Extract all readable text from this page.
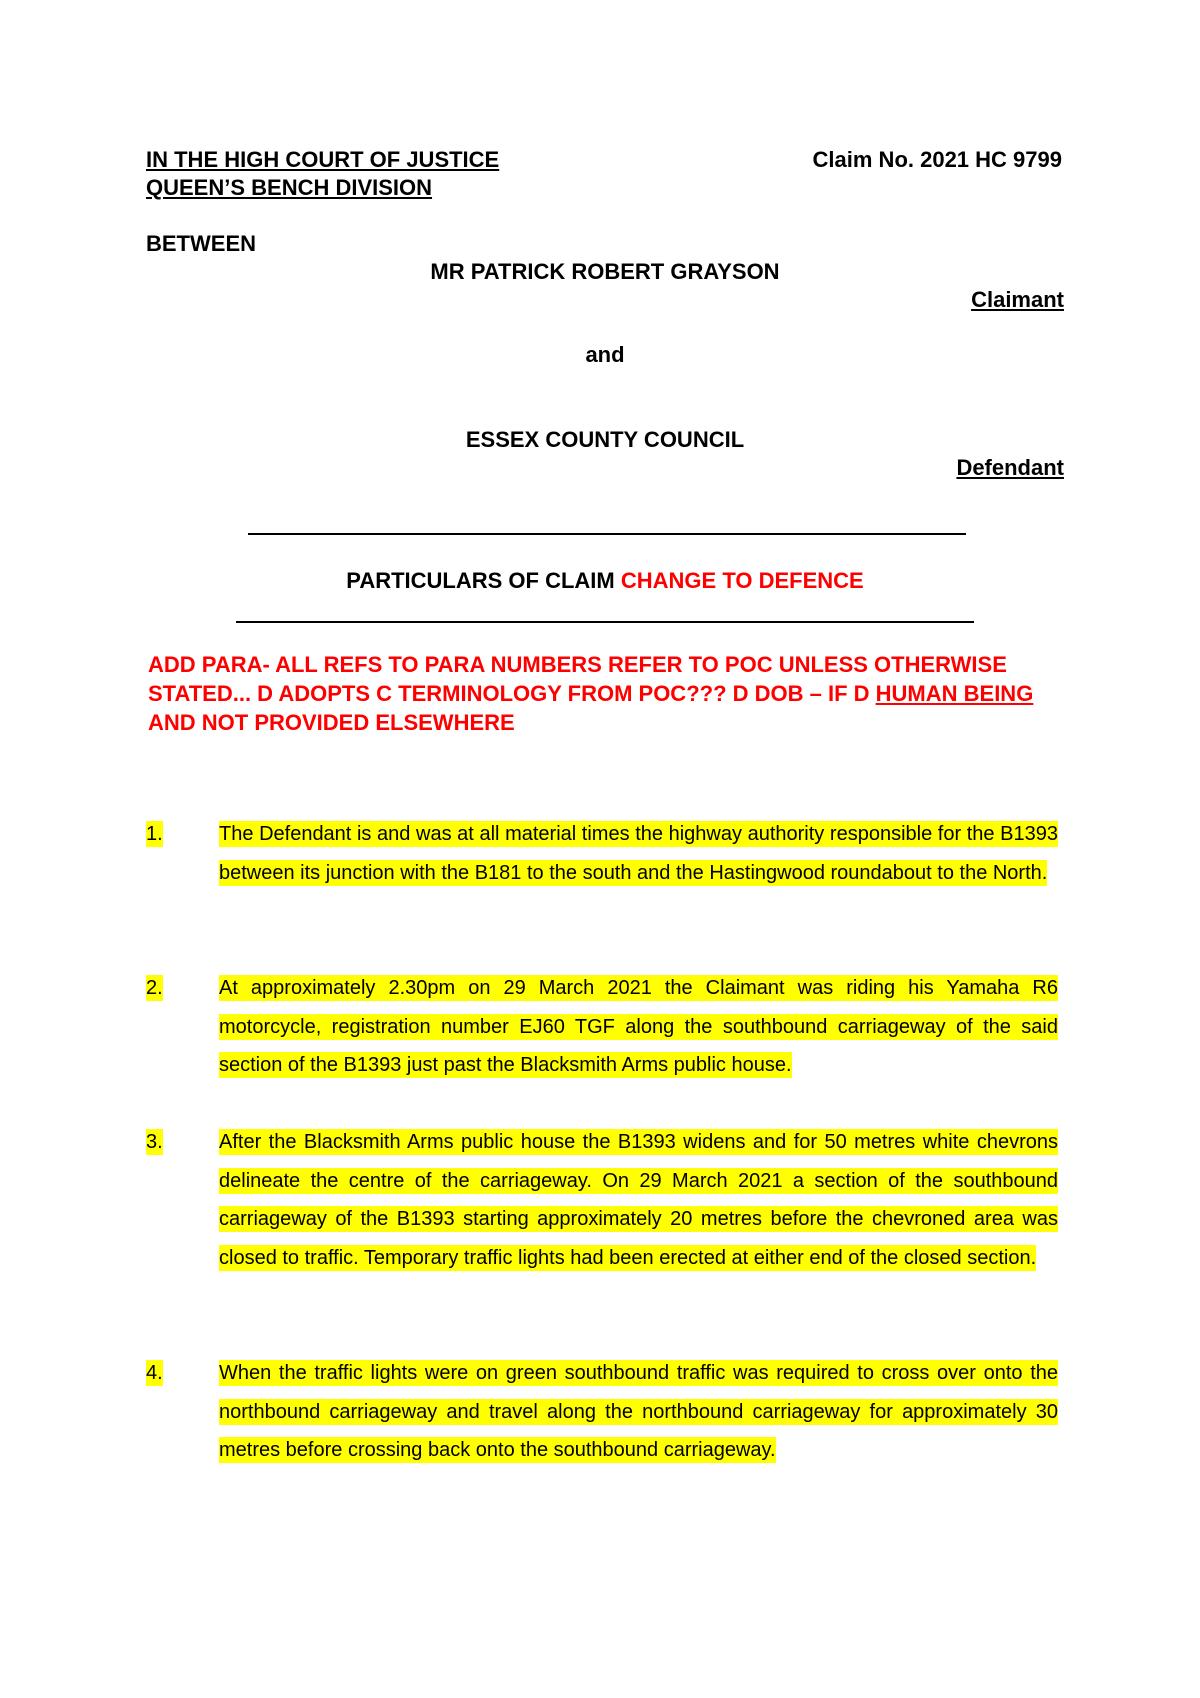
IN THE HIGH COURT OF JUSTICE
QUEEN’S BENCH DIVISION
Claim No. 2021 HC 9799
BETWEEN
MR PATRICK ROBERT GRAYSON
Claimant
and
ESSEX COUNTY COUNCIL
Defendant
PARTICULARS OF CLAIM CHANGE TO DEFENCE
ADD PARA- ALL REFS TO PARA NUMBERS REFER TO POC UNLESS OTHERWISE STATED... D ADOPTS C TERMINOLOGY FROM POC??? D DOB – IF D HUMAN BEING AND NOT PROVIDED ELSEWHERE
1.	The Defendant is and was at all material times the highway authority responsible for the B1393 between its junction with the B181 to the south and the Hastingwood roundabout to the North.
2.	At approximately 2.30pm on 29 March 2021 the Claimant was riding his Yamaha R6 motorcycle, registration number EJ60 TGF along the southbound carriageway of the said section of the B1393 just past the Blacksmith Arms public house.
3.	After the Blacksmith Arms public house the B1393 widens and for 50 metres white chevrons delineate the centre of the carriageway. On 29 March 2021 a section of the southbound carriageway of the B1393 starting approximately 20 metres before the chevroned area was closed to traffic. Temporary traffic lights had been erected at either end of the closed section.
4.	When the traffic lights were on green southbound traffic was required to cross over onto the northbound carriageway and travel along the northbound carriageway for approximately 30 metres before crossing back onto the southbound carriageway.
